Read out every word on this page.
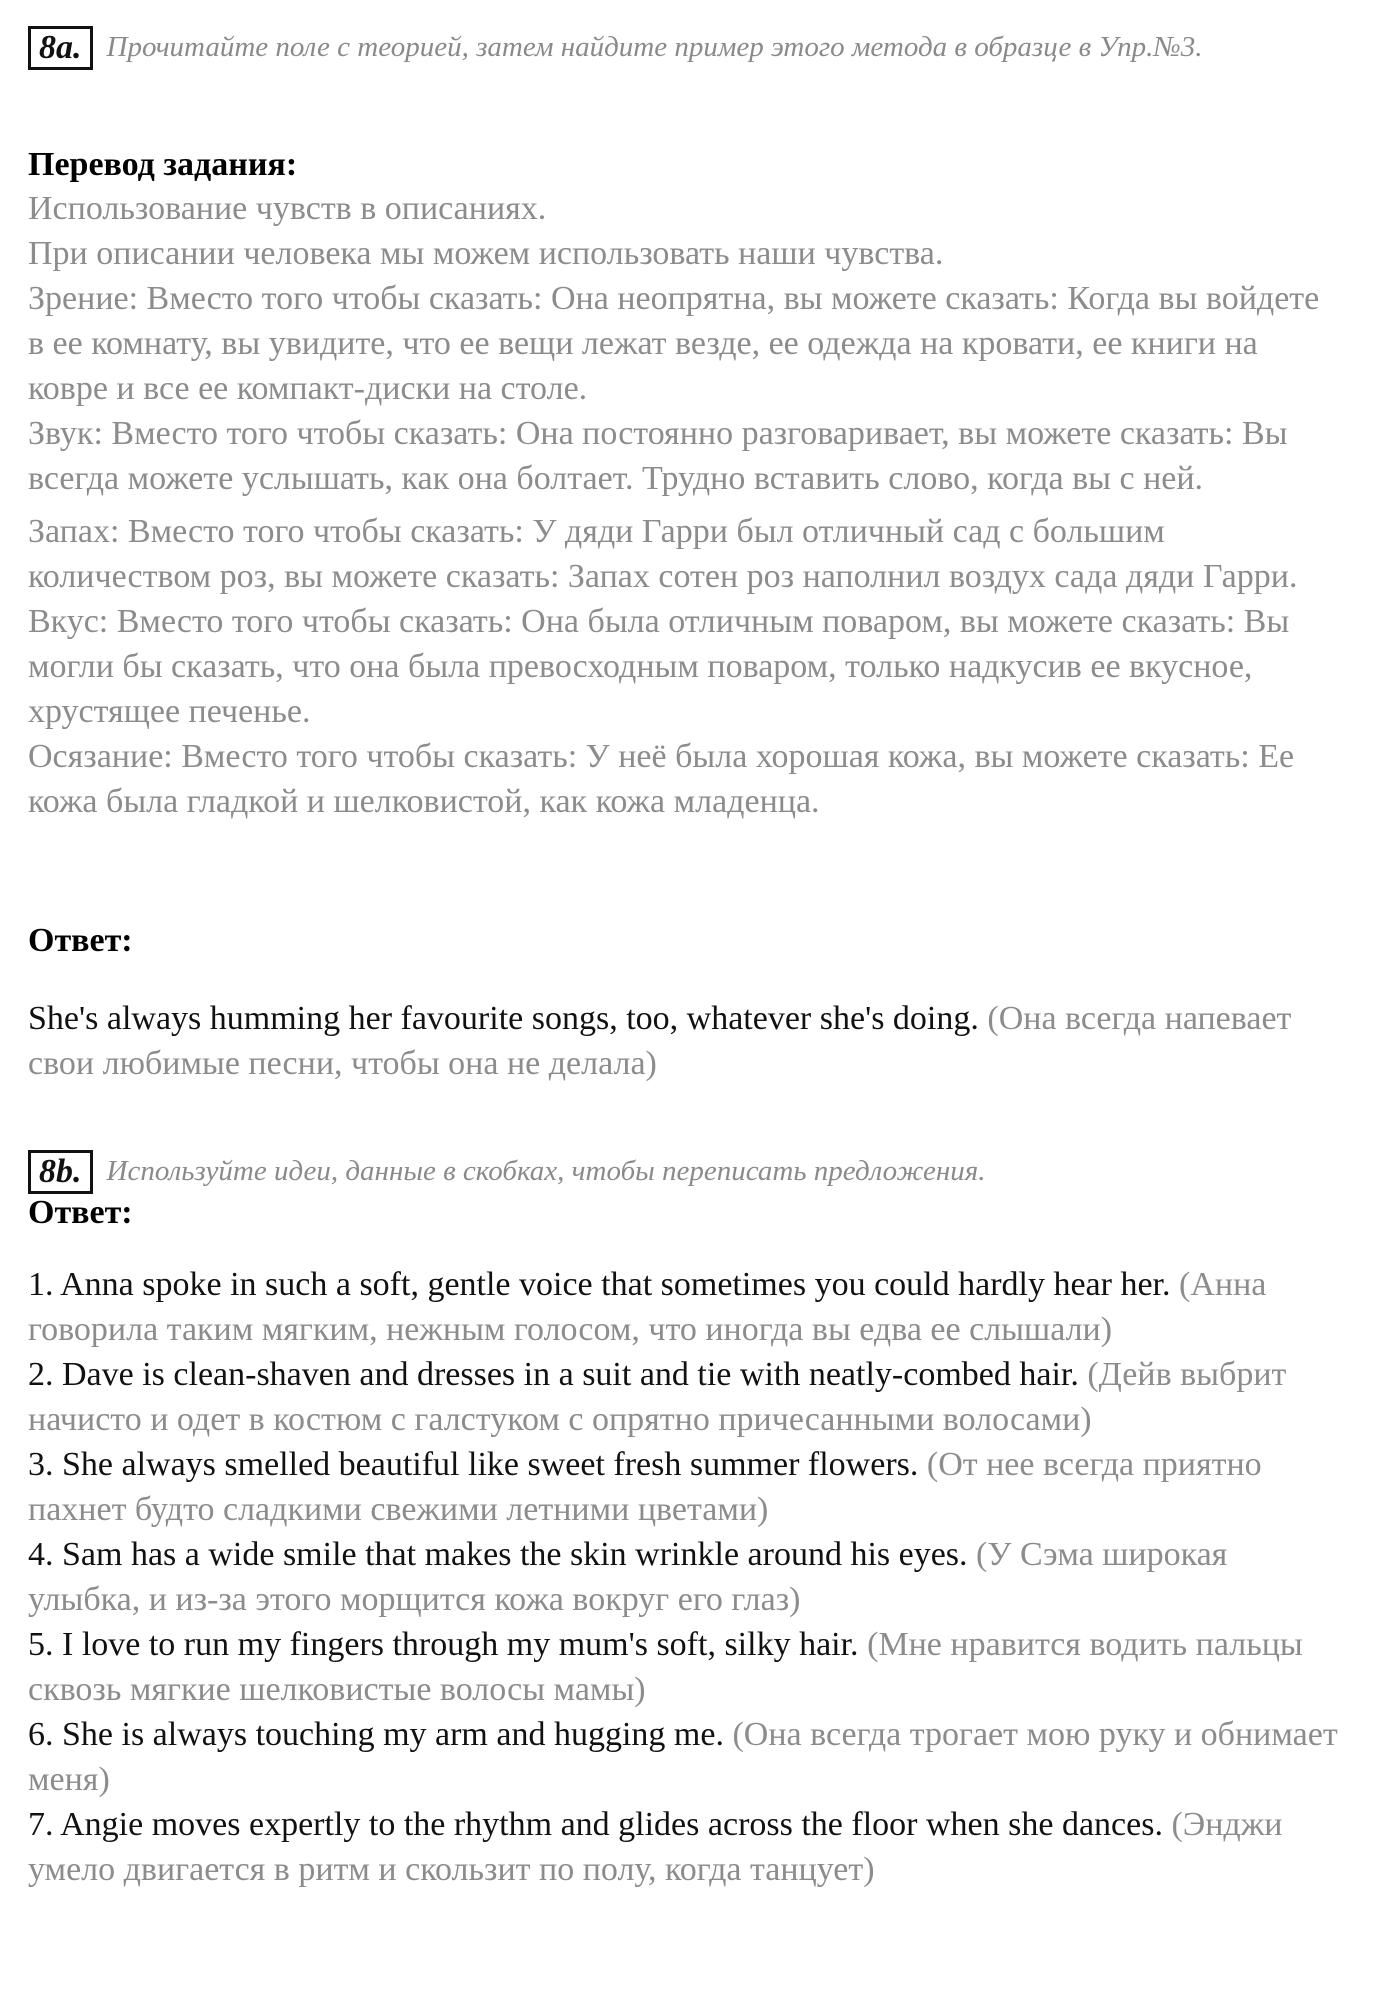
8a. Прочитайте поле с теорией, затем найдите пример этого метода в образце в Упр.№3.
Перевод задания:

Использование чувств в описаниях.

При описании человека мы можем использовать наши чувства.

Зрение: Вместо того чтобы сказать: Она неопрятна, вы можете сказать: Когда вы войдете в ее комнату, вы увидите, что ее вещи лежат везде, ее одежда на кровати, ее книги на ковре и все ее компакт-диски на столе.

Звук: Вместо того чтобы сказать: Она постоянно разговаривает, вы можете сказать: Вы всегда можете услышать, как она болтает. Трудно вставить слово, когда вы с ней.

Запах: Вместо того чтобы сказать: У дяди Гарри был отличный сад с большим количеством роз, вы можете сказать: Запах сотен роз наполнил воздух сада дяди Гарри.

Вкус: Вместо того чтобы сказать: Она была отличным поваром, вы можете сказать: Вы могли бы сказать, что она была превосходным поваром, только надкусив ее вкусное, хрустящее печенье.

Осязание: Вместо того чтобы сказать: У неё была хорошая кожа, вы можете сказать: Ее кожа была гладкой и шелковистой, как кожа младенца.

Ответ:

She's always humming her favourite songs, too, whatever she's doing. (Она всегда напевает свои любимые песни, чтобы она не делала)

8b. Используйте идеи, данные в скобках, чтобы переписать предложения.
Ответ:

1. Anna spoke in such a soft, gentle voice that sometimes you could hardly hear her. (Анна говорила таким мягким, нежным голосом, что иногда вы едва ее слышали)

2. Dave is clean-shaven and dresses in a suit and tie with neatly-combed hair. (Дейв выбрит начисто и одет в костюм с галстуком с опрятно причесанными волосами)

3. She always smelled beautiful like sweet fresh summer flowers. (От нее всегда приятно пахнет будто сладкими свежими летними цветами)

4. Sam has a wide smile that makes the skin wrinkle around his eyes. (У Сэма широкая улыбка, и из-за этого морщится кожа вокруг его глаз)

5. I love to run my fingers through my mum's soft, silky hair. (Мне нравится водить пальцы сквозь мягкие шелковистые волосы мамы)

6. She is always touching my arm and hugging me. (Она всегда трогает мою руку и обнимает меня)

7. Angie moves expertly to the rhythm and glides across the floor when she dances. (Энджи умело двигается в ритм и скользит по полу, когда танцует)
